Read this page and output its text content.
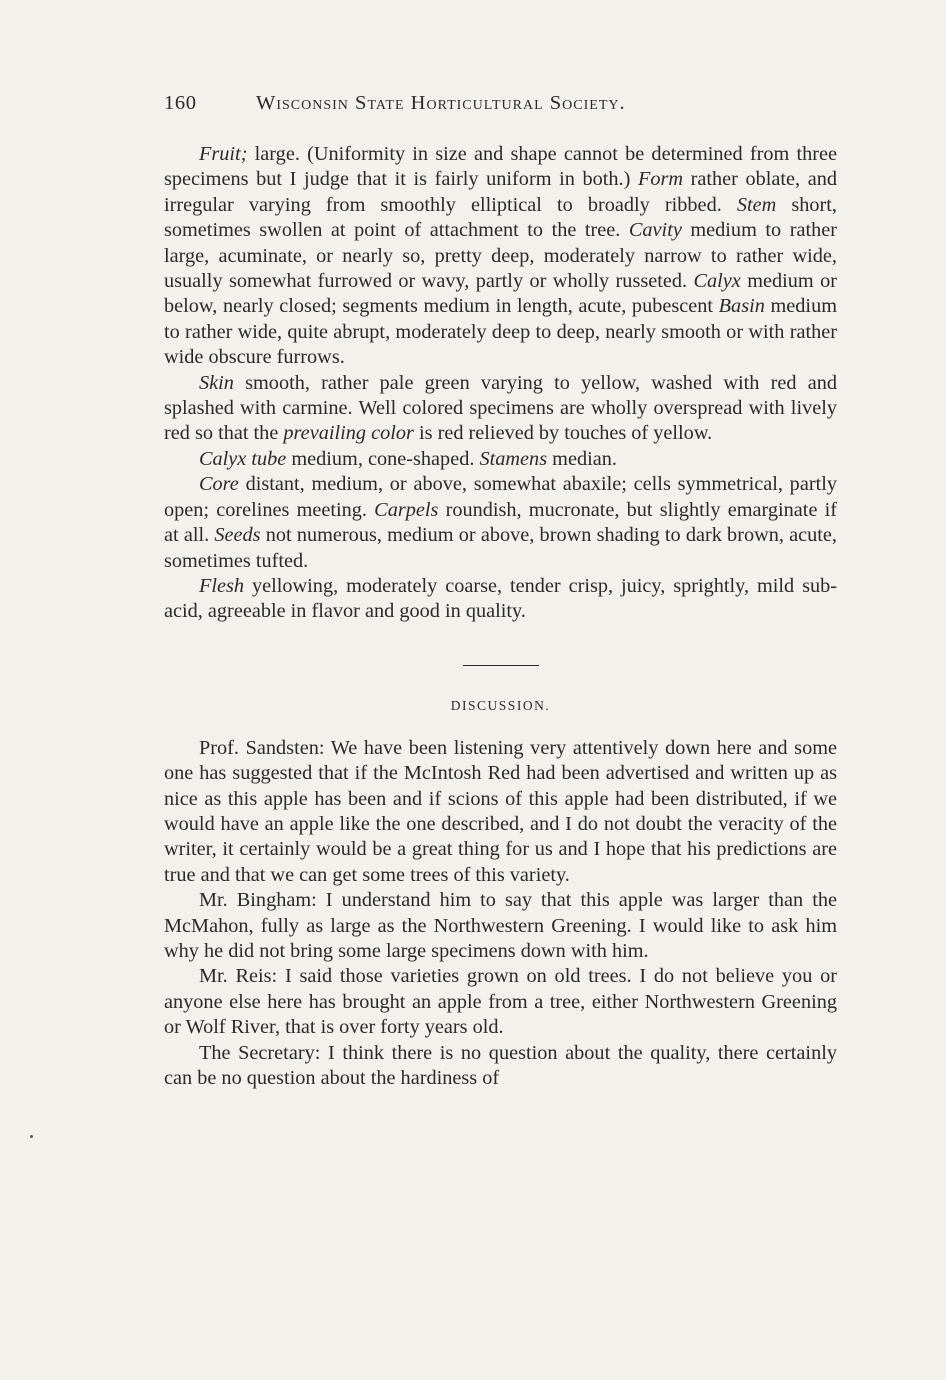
160	Wisconsin State Horticultural Society.

Fruit; large. (Uniformity in size and shape cannot be determined from three specimens but I judge that it is fairly uniform in both.) Form rather oblate, and irregular varying from smoothly elliptical to broadly ribbed. Stem short, sometimes swollen at point of attachment to the tree. Cavity medium to rather large, acuminate, or nearly so, pretty deep, moderately narrow to rather wide, usually somewhat furrowed or wavy, partly or wholly russeted. Calyx medium or below, nearly closed; segments medium in length, acute, pubescent Basin medium to rather wide, quite abrupt, moderately deep to deep, nearly smooth or with rather wide obscure furrows.

Skin smooth, rather pale green varying to yellow, washed with red and splashed with carmine. Well colored specimens are wholly overspread with lively red so that the prevailing color is red relieved by touches of yellow.

Calyx tube medium, cone-shaped. Stamens median.

Core distant, medium, or above, somewhat abaxile; cells symmetrical, partly open; corelines meeting. Carpels roundish, mucronate, but slightly emarginate if at all. Seeds not numerous, medium or above, brown shading to dark brown, acute, sometimes tufted.

Flesh yellowing, moderately coarse, tender crisp, juicy, sprightly, mild sub-acid, agreeable in flavor and good in quality.

DISCUSSION.

Prof. Sandsten: We have been listening very attentively down here and some one has suggested that if the McIntosh Red had been advertised and written up as nice as this apple has been and if scions of this apple had been distributed, if we would have an apple like the one described, and I do not doubt the veracity of the writer, it certainly would be a great thing for us and I hope that his predictions are true and that we can get some trees of this variety.

Mr. Bingham: I understand him to say that this apple was larger than the McMahon, fully as large as the Northwestern Greening. I would like to ask him why he did not bring some large specimens down with him.

Mr. Reis: I said those varieties grown on old trees. I do not believe you or anyone else here has brought an apple from a tree, either Northwestern Greening or Wolf River, that is over forty years old.

The Secretary: I think there is no question about the quality, there certainly can be no question about the hardiness of
